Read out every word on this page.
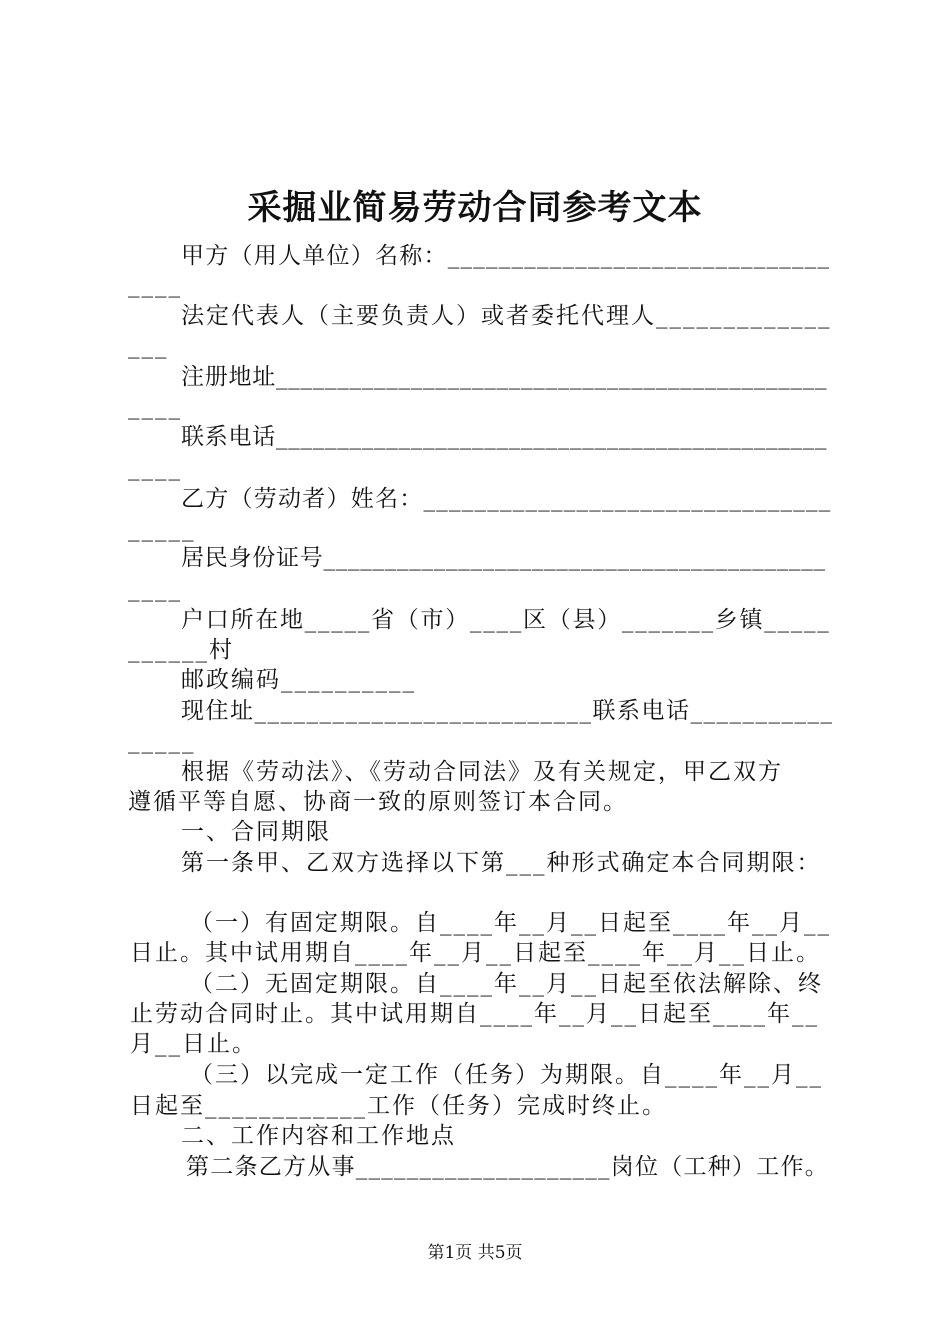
采掘业简易劳动合同参考文本
甲方（用人单位）名称：______________________________
____
法定代表人（主要负责人）或者委托代理人_____________
___
注册地址_____________________________________________
____
联系电话_____________________________________________
____
乙方（劳动者）姓名：________________________________
_____
居民身份证号_________________________________________
____
户口所在地_____省（市）____区（县）_______乡镇_____
______村
邮政编码__________
现住址__________________________联系电话___________
_____
根据《劳动法》、《劳动合同法》及有关规定，甲乙双方
遵循平等自愿、协商一致的原则签订本合同。
一、合同期限
第一条甲、乙双方选择以下第___种形式确定本合同期限：
（一）有固定期限。自____年__月__日起至____年__月__
日止。其中试用期自____年__月__日起至____年__月__日止。
（二）无固定期限。自____年__月__日起至依法解除、终
止劳动合同时止。其中试用期自____年__月__日起至____年__
月__日止。
（三）以完成一定工作（任务）为期限。自____年__月__
日起至____________工作（任务）完成时终止。
二、工作内容和工作地点
第二条乙方从事____________________岗位（工种）工作。
第1页 共5页
